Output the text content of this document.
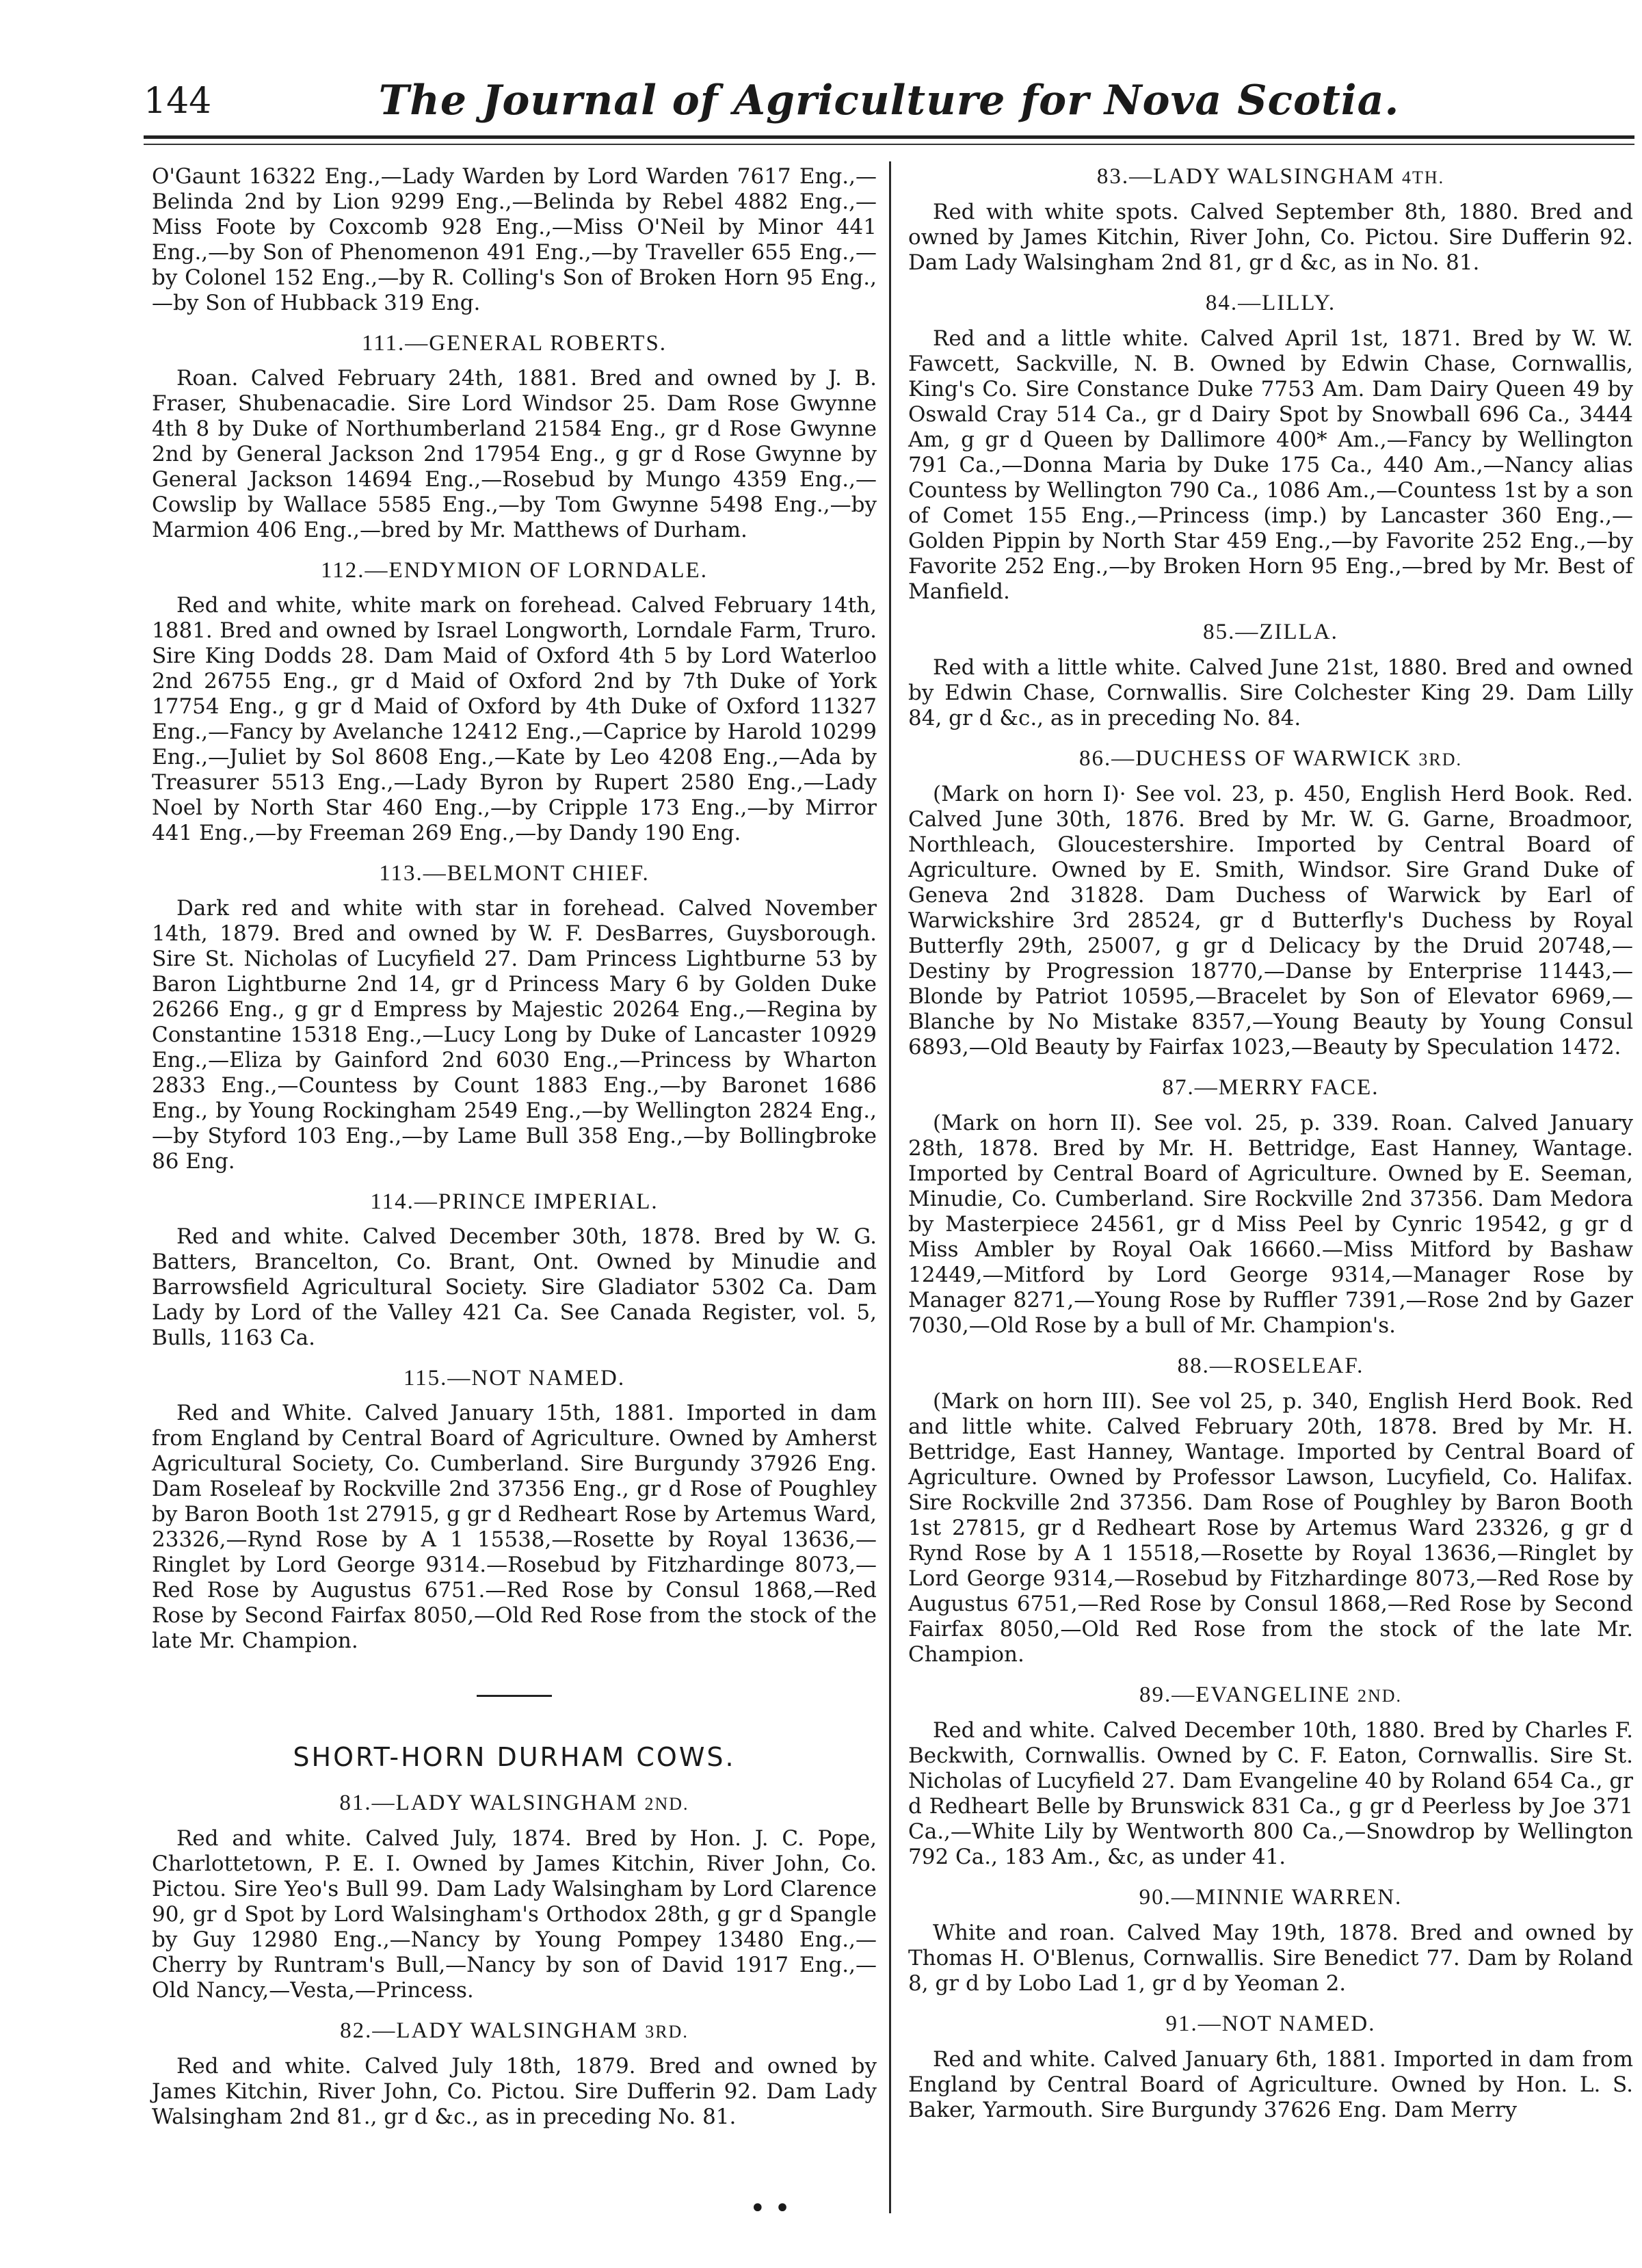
144	The Journal of Agriculture for Nova Scotia.

O'Gaunt 16322 Eng.,—Lady Warden by Lord Warden 7617 Eng.,—Belinda 2nd by Lion 9299 Eng.,—Belinda by Rebel 4882 Eng.,—Miss Foote by Coxcomb 928 Eng.,—Miss O'Neil by Minor 441 Eng.,—by Son of Phenomenon 491 Eng.,—by Traveller 655 Eng.,—by Colonel 152 Eng.,—by R. Colling's Son of Broken Horn 95 Eng.,—by Son of Hubback 319 Eng.

111.—GENERAL ROBERTS.

Roan. Calved February 24th, 1881. Bred and owned by J. B. Fraser, Shubenacadie. Sire Lord Windsor 25. Dam Rose Gwynne 4th 8 by Duke of Northumberland 21584 Eng., gr d Rose Gwynne 2nd by General Jackson 2nd 17954 Eng., g gr d Rose Gwynne by General Jackson 14694 Eng.,—Rosebud by Mungo 4359 Eng.,—Cowslip by Wallace 5585 Eng.,—by Tom Gwynne 5498 Eng.,—by Marmion 406 Eng.,—bred by Mr. Matthews of Durham.

112.—ENDYMION OF LORNDALE.

Red and white, white mark on forehead. Calved February 14th, 1881. Bred and owned by Israel Longworth, Lorndale Farm, Truro. Sire King Dodds 28. Dam Maid of Oxford 4th 5 by Lord Waterloo 2nd 26755 Eng., gr d Maid of Oxford 2nd by 7th Duke of York 17754 Eng., g gr d Maid of Oxford by 4th Duke of Oxford 11327 Eng.,—Fancy by Avelanche 12412 Eng.,—Caprice by Harold 10299 Eng.,—Juliet by Sol 8608 Eng.,—Kate by Leo 4208 Eng.,—Ada by Treasurer 5513 Eng.,—Lady Byron by Rupert 2580 Eng.,—Lady Noel by North Star 460 Eng.,—by Cripple 173 Eng.,—by Mirror 441 Eng.,—by Freeman 269 Eng.,—by Dandy 190 Eng.

113.—BELMONT CHIEF.

Dark red and white with star in forehead. Calved November 14th, 1879. Bred and owned by W. F. DesBarres, Guysborough. Sire St. Nicholas of Lucyfield 27. Dam Princess Lightburne 53 by Baron Lightburne 2nd 14, gr d Princess Mary 6 by Golden Duke 26266 Eng., g gr d Empress by Majestic 20264 Eng.,—Regina by Constantine 15318 Eng.,—Lucy Long by Duke of Lancaster 10929 Eng.,—Eliza by Gainford 2nd 6030 Eng.,—Princess by Wharton 2833 Eng.,—Countess by Count 1883 Eng.,—by Baronet 1686 Eng., by Young Rockingham 2549 Eng.,—by Wellington 2824 Eng.,—by Styford 103 Eng.,—by Lame Bull 358 Eng.,—by Bollingbroke 86 Eng.

114.—PRINCE IMPERIAL.

Red and white. Calved December 30th, 1878. Bred by W. G. Batters, Brancelton, Co. Brant, Ont. Owned by Minudie and Barrowsfield Agricultural Society. Sire Gladiator 5302 Ca. Dam Lady by Lord of the Valley 421 Ca. See Canada Register, vol. 5, Bulls, 1163 Ca.

115.—NOT NAMED.

Red and White. Calved January 15th, 1881. Imported in dam from England by Central Board of Agriculture. Owned by Amherst Agricultural Society, Co. Cumberland. Sire Burgundy 37926 Eng. Dam Roseleaf by Rockville 2nd 37356 Eng., gr d Rose of Poughley by Baron Booth 1st 27915, g gr d Redheart Rose by Artemus Ward, 23326,—Rynd Rose by A 1 15538,—Rosette by Royal 13636,—Ringlet by Lord George 9314.—Rosebud by Fitzhardinge 8073,—Red Rose by Augustus 6751.—Red Rose by Consul 1868,—Red Rose by Second Fairfax 8050,—Old Red Rose from the stock of the late Mr. Champion.

SHORT-HORN DURHAM COWS.
81.—LADY WALSINGHAM 2ND.

Red and white. Calved July, 1874. Bred by Hon. J. C. Pope, Charlottetown, P. E. I. Owned by James Kitchin, River John, Co. Pictou. Sire Yeo's Bull 99. Dam Lady Walsingham by Lord Clarence 90, gr d Spot by Lord Walsingham's Orthodox 28th, g gr d Spangle by Guy 12980 Eng.,—Nancy by Young Pompey 13480 Eng.,—Cherry by Runtram's Bull,—Nancy by son of David 1917 Eng.,—Old Nancy,—Vesta,—Princess.

82.—LADY WALSINGHAM 3RD.

Red and white. Calved July 18th, 1879. Bred and owned by James Kitchin, River John, Co. Pictou. Sire Dufferin 92. Dam Lady Walsingham 2nd 81., gr d &c., as in preceding No. 81.

83.—LADY WALSINGHAM 4TH.

Red with white spots. Calved September 8th, 1880. Bred and owned by James Kitchin, River John, Co. Pictou. Sire Dufferin 92. Dam Lady Walsingham 2nd 81, gr d &c, as in No. 81.

84.—LILLY.

Red and a little white. Calved April 1st, 1871. Bred by W. W. Fawcett, Sackville, N. B. Owned by Edwin Chase, Cornwallis, King's Co. Sire Constance Duke 7753 Am. Dam Dairy Queen 49 by Oswald Cray 514 Ca., gr d Dairy Spot by Snowball 696 Ca., 3444 Am, g gr d Queen by Dallimore 400* Am.,—Fancy by Wellington 791 Ca.,—Donna Maria by Duke 175 Ca., 440 Am.,—Nancy alias Countess by Wellington 790 Ca., 1086 Am.,—Countess 1st by a son of Comet 155 Eng.,—Princess (imp.) by Lancaster 360 Eng.,—Golden Pippin by North Star 459 Eng.,—by Favorite 252 Eng.,—by Favorite 252 Eng.,—by Broken Horn 95 Eng.,—bred by Mr. Best of Manfield.

85.—ZILLA.

Red with a little white. Calved June 21st, 1880. Bred and owned by Edwin Chase, Cornwallis. Sire Colchester King 29. Dam Lilly 84, gr d &c., as in preceding No. 84.

86.—DUCHESS OF WARWICK 3RD.

(Mark on horn I)· See vol. 23, p. 450, English Herd Book. Red. Calved June 30th, 1876. Bred by Mr. W. G. Garne, Broadmoor, Northleach, Gloucestershire. Imported by Central Board of Agriculture. Owned by E. Smith, Windsor. Sire Grand Duke of Geneva 2nd 31828. Dam Duchess of Warwick by Earl of Warwickshire 3rd 28524, gr d Butterfly's Duchess by Royal Butterfly 29th, 25007, g gr d Delicacy by the Druid 20748,—Destiny by Progression 18770,—Danse by Enterprise 11443,—Blonde by Patriot 10595,—Bracelet by Son of Elevator 6969,—Blanche by No Mistake 8357,—Young Beauty by Young Consul 6893,—Old Beauty by Fairfax 1023,—Beauty by Speculation 1472.

87.—MERRY FACE.

(Mark on horn II). See vol. 25, p. 339. Roan. Calved January 28th, 1878. Bred by Mr. H. Bettridge, East Hanney, Wantage. Imported by Central Board of Agriculture. Owned by E. Seeman, Minudie, Co. Cumberland. Sire Rockville 2nd 37356. Dam Medora by Masterpiece 24561, gr d Miss Peel by Cynric 19542, g gr d Miss Ambler by Royal Oak 16660.—Miss Mitford by Bashaw 12449,—Mitford by Lord George 9314,—Manager Rose by Manager 8271,—Young Rose by Ruffler 7391,—Rose 2nd by Gazer 7030,—Old Rose by a bull of Mr. Champion's.

88.—ROSELEAF.

(Mark on horn III). See vol 25, p. 340, English Herd Book. Red and little white. Calved February 20th, 1878. Bred by Mr. H. Bettridge, East Hanney, Wantage. Imported by Central Board of Agriculture. Owned by Professor Lawson, Lucyfield, Co. Halifax. Sire Rockville 2nd 37356. Dam Rose of Poughley by Baron Booth 1st 27815, gr d Redheart Rose by Artemus Ward 23326, g gr d Rynd Rose by A 1 15518,—Rosette by Royal 13636,—Ringlet by Lord George 9314,—Rosebud by Fitzhardinge 8073,—Red Rose by Augustus 6751,—Red Rose by Consul 1868,—Red Rose by Second Fairfax 8050,—Old Red Rose from the stock of the late Mr. Champion.

89.—EVANGELINE 2ND.

Red and white. Calved December 10th, 1880. Bred by Charles F. Beckwith, Cornwallis. Owned by C. F. Eaton, Cornwallis. Sire St. Nicholas of Lucyfield 27. Dam Evangeline 40 by Roland 654 Ca., gr d Redheart Belle by Brunswick 831 Ca., g gr d Peerless by Joe 371 Ca.,—White Lily by Wentworth 800 Ca.,—Snowdrop by Wellington 792 Ca., 183 Am., &c, as under 41.

90.—MINNIE WARREN.

White and roan. Calved May 19th, 1878. Bred and owned by Thomas H. O'Blenus, Cornwallis. Sire Benedict 77. Dam by Roland 8, gr d by Lobo Lad 1, gr d by Yeoman 2.

91.—NOT NAMED.

Red and white. Calved January 6th, 1881. Imported in dam from England by Central Board of Agriculture. Owned by Hon. L. S. Baker, Yarmouth. Sire Burgundy 37626 Eng. Dam Merry

• •
